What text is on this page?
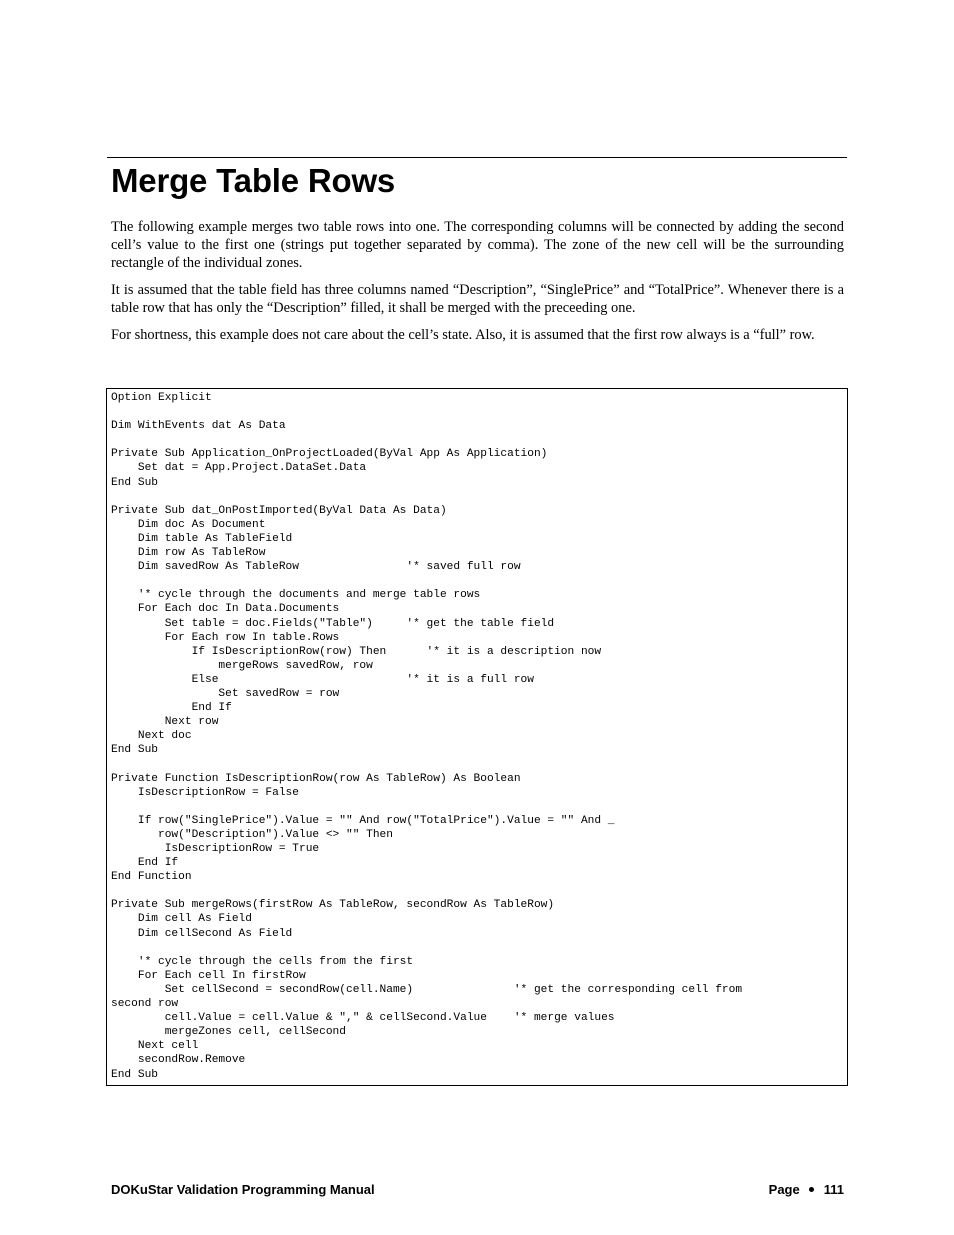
Merge Table Rows

The following example merges two table rows into one. The corresponding columns will be connected by adding the second cell’s value to the first one (strings put together separated by comma). The zone of the new cell will be the surrounding rectangle of the individual zones.

It is assumed that the table field has three columns named “Description”, “SinglePrice” and “TotalPrice”. Whenever there is a table row that has only the “Description” filled, it shall be merged with the preceeding one.

For shortness, this example does not care about the cell’s state. Also, it is assumed that the first row always is a “full” row.

Option Explicit

Dim WithEvents dat As Data

Private Sub Application_OnProjectLoaded(ByVal App As Application)
Set dat = App.Project.DataSet.Data
End Sub

Private Sub dat_OnPostImported(ByVal Data As Data)
Dim doc As Document
Dim table As TableField
Dim row As TableRow
Dim savedRow As TableRow                '* saved full row

'* cycle through the documents and merge table rows
For Each doc In Data.Documents
Set table = doc.Fields("Table")     '* get the table field
For Each row In table.Rows
If IsDescriptionRow(row) Then      '* it is a description now
mergeRows savedRow, row
Else                            '* it is a full row
Set savedRow = row
End If
Next row
Next doc
End Sub

Private Function IsDescriptionRow(row As TableRow) As Boolean
IsDescriptionRow = False

If row("SinglePrice").Value = "" And row("TotalPrice").Value = "" And _
row("Description").Value <> "" Then
IsDescriptionRow = True
End If
End Function

Private Sub mergeRows(firstRow As TableRow, secondRow As TableRow)
Dim cell As Field
Dim cellSecond As Field

'* cycle through the cells from the first
For Each cell In firstRow
Set cellSecond = secondRow(cell.Name)               '* get the corresponding cell from
second row
cell.Value = cell.Value & "," & cellSecond.Value    '* merge values
mergeZones cell, cellSecond
Next cell
secondRow.Remove
End Sub
DOKuStar Validation Programming Manual	Page 111
